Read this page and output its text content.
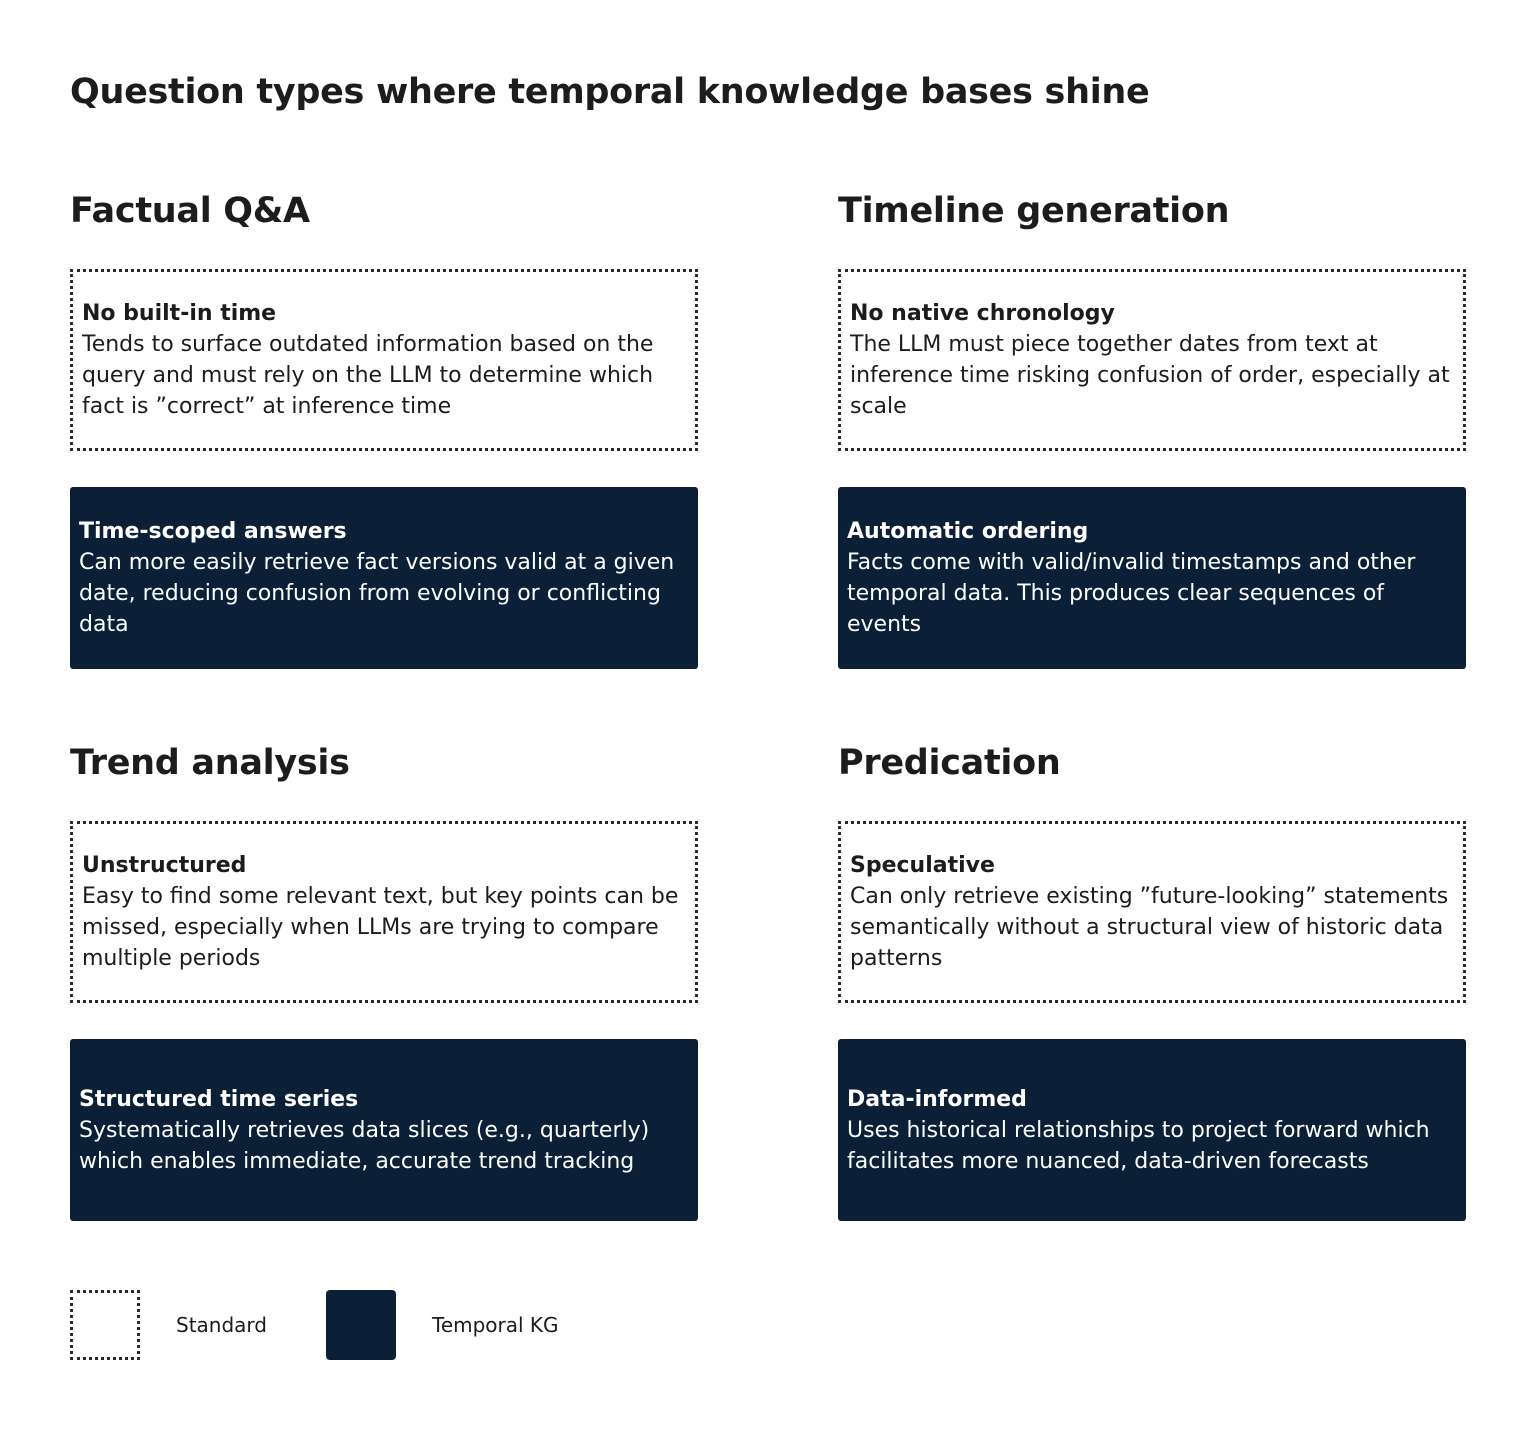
Question types where temporal knowledge bases shine
Factual Q&A
No built-in time
Tends to surface outdated information based on the query and must rely on the LLM to determine which fact is ”correct” at inference time
Time-scoped answers
Can more easily retrieve fact versions valid at a given date, reducing confusion from evolving or conflicting data
Timeline generation
No native chronology
The LLM must piece together dates from text at inference time risking confusion of order, especially at scale
Automatic ordering
Facts come with valid/invalid timestamps and other temporal data. This produces clear sequences of events
Trend analysis
Unstructured
Easy to find some relevant text, but key points can be missed, especially when LLMs are trying to compare multiple periods
Structured time series
Systematically retrieves data slices (e.g., quarterly) which enables immediate, accurate trend tracking
Predication
Speculative
Can only retrieve existing ”future-looking” statements semantically without a structural view of historic data patterns
Data-informed
Uses historical relationships to project forward which facilitates more nuanced, data-driven forecasts
Standard	Temporal KG
